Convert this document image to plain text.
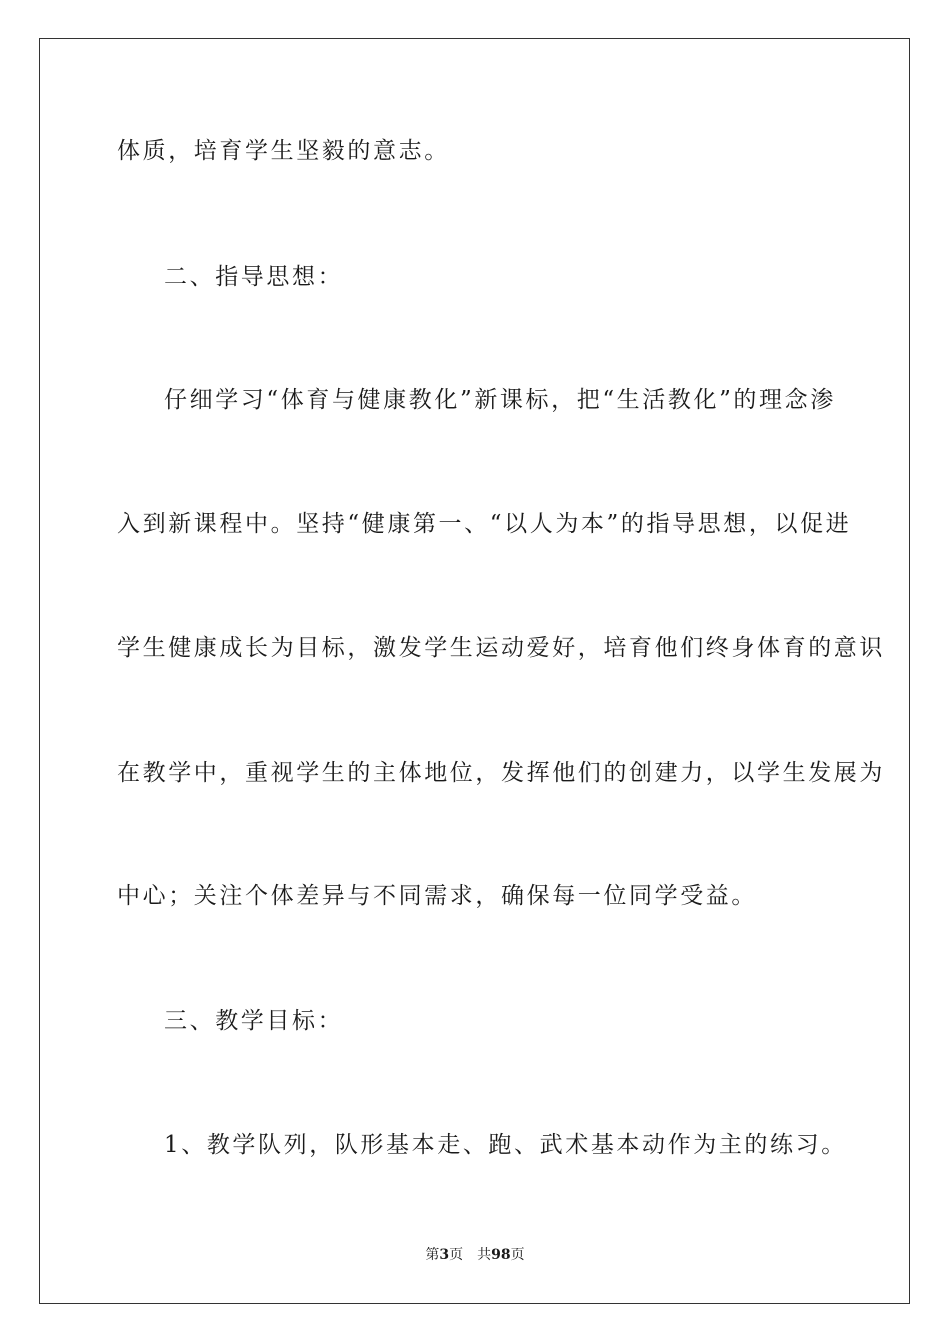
体质，培育学生坚毅的意志。
二、指导思想：
仔细学习“体育与健康教化”新课标，把“生活教化”的理念渗
入到新课程中。坚持“健康第一、“以人为本”的指导思想，以促进
学生健康成长为目标，激发学生运动爱好，培育他们终身体育的意识
在教学中，重视学生的主体地位，发挥他们的创建力，以学生发展为
中心；关注个体差异与不同需求，确保每一位同学受益。
三、教学目标：
1、教学队列，队形基本走、跑、武术基本动作为主的练习。
第3页 共98页
